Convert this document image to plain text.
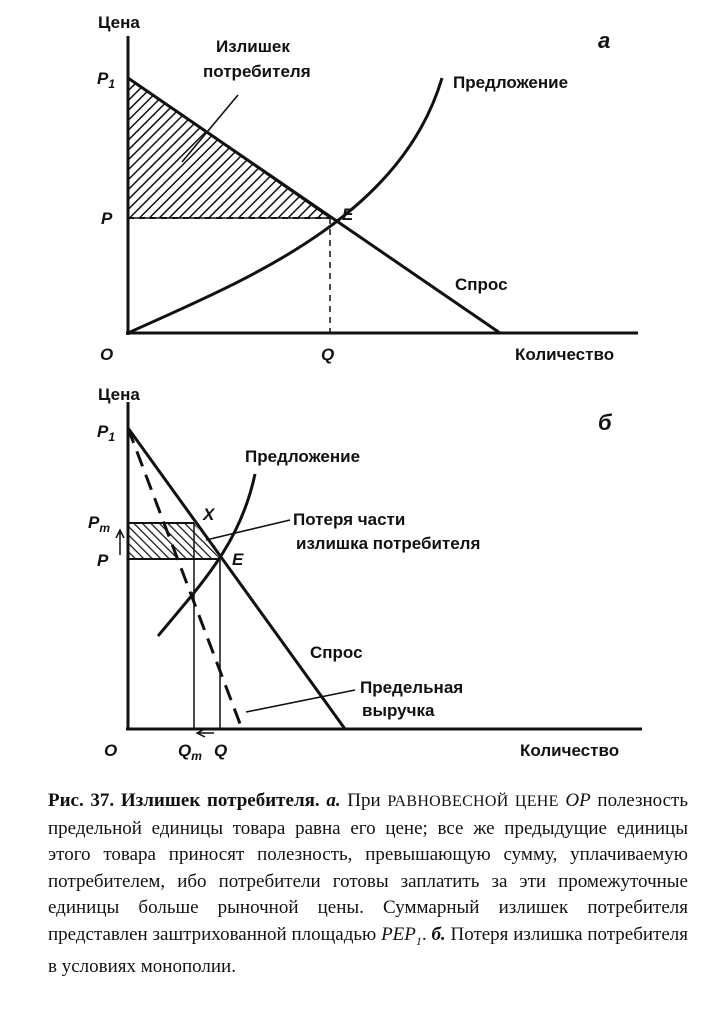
Цена
а
$P_1$
P
O	Q
E
Количество
Излишек
потребителя
Предложение
Спрос
Цена
б
$P_1$
$P_m$
P
X
E
O	$Q_m$ Q	Количество
Предложение
Потеря части
излишка потребителя
Спрос
Предельная
выручка
Рис. 37. Излишек потребителя. а. При РАВНОВЕСНОЙ ЦЕНЕ OP полезность предельной единицы товара равна его цене; все же предыдущие единицы этого товара приносят полезность, превышающую сумму, уплачиваемую потребителем, ибо потребители готовы заплатить за эти промежуточные единицы больше рыночной цены. Суммарный излишек потребителя представлен заштрихованной площадью $PEP_1$. б. Потеря излишка потребителя в условиях монополии.
